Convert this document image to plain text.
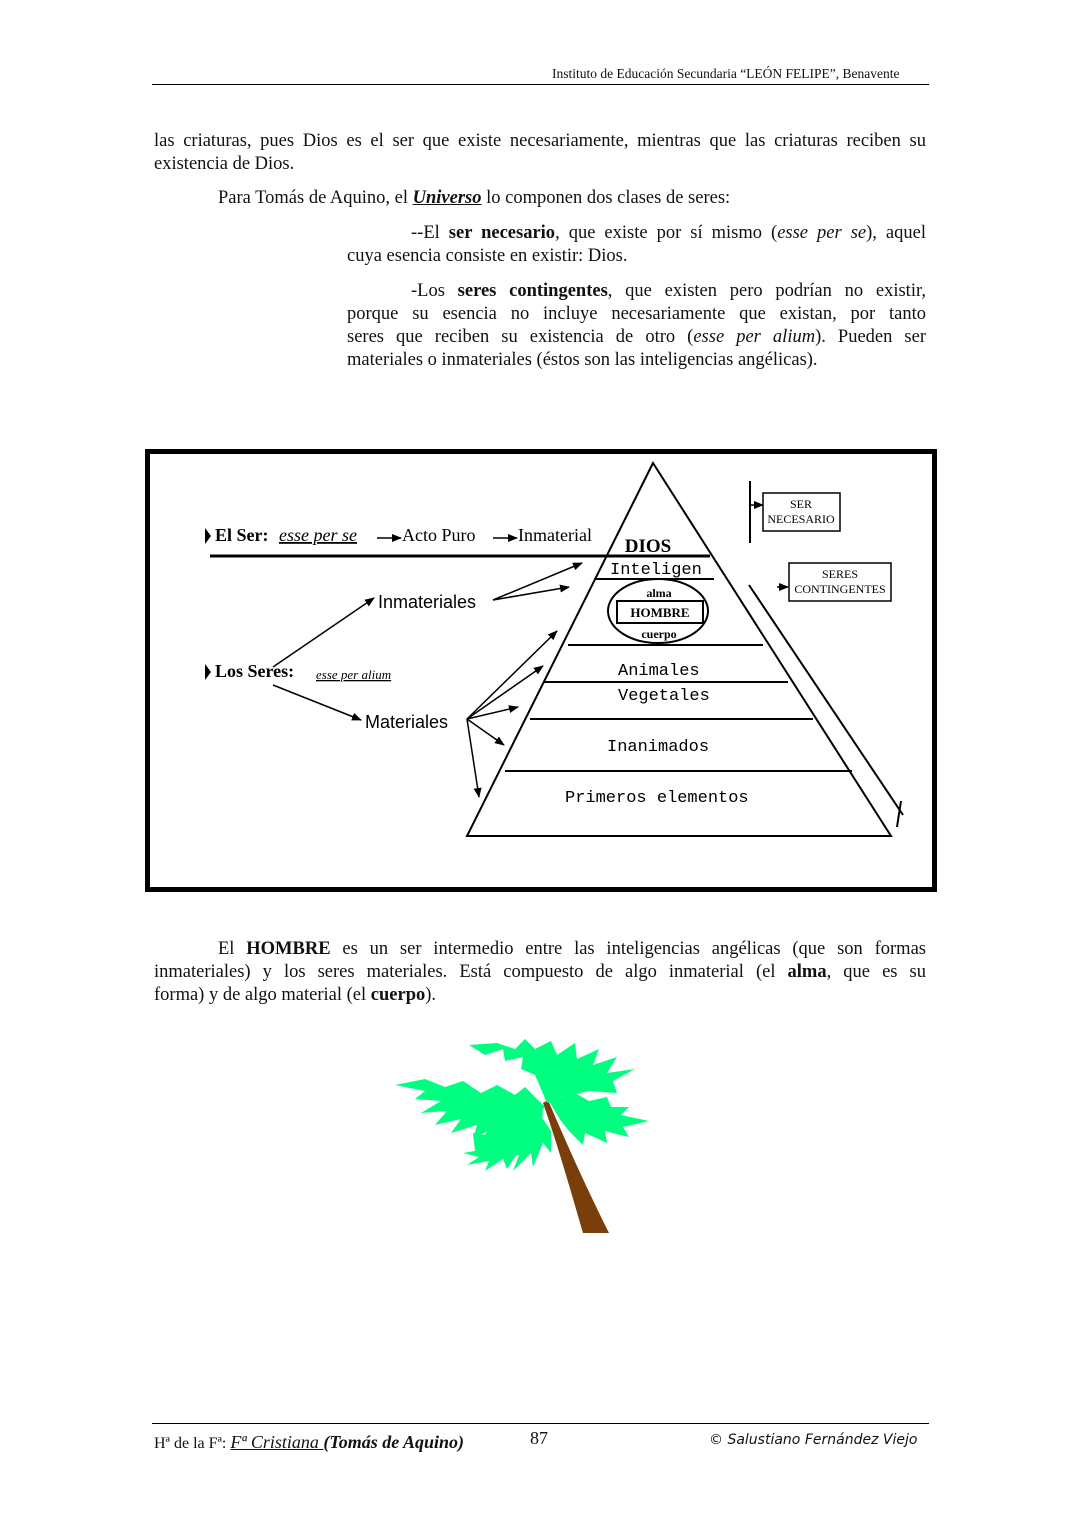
Instituto de Educación Secundaria “LEÓN FELIPE”, Benavente

las criaturas, pues Dios es el ser que existe necesariamente, mientras que las criaturas reciben su

existencia de Dios.

Para Tomás de Aquino, el Universo lo componen dos clases de seres:

--El ser necesario, que existe por sí mismo (esse per se), aquel

cuya esencia consiste en existir: Dios.

-Los seres contingentes, que existen pero podrían no existir,

porque su esencia no incluye necesariamente que existan, por tanto

seres que reciben su existencia de otro (esse per alium). Pueden ser

materiales o inmateriales (éstos son las inteligencias angélicas).

DIOS
alma
HOMBRE
cuerpo
Inteligen
Animales
Vegetales
Inanimados
Primeros elementos
El Ser: esse per se	Acto Puro Inmaterial
Los Seres: esse per alium
Inmateriales
Materiales
SER
NECESARIO
SERES
CONTINGENTES

El HOMBRE es un ser intermedio entre las inteligencias angélicas (que son formas

inmateriales) y los seres materiales. Está compuesto de algo inmaterial (el alma, que es su

forma) y de algo material (el cuerpo).

Hª de la Fª: Fª Cristiana (Tomás de Aquino)	87	© Salustiano Fernández Viejo
